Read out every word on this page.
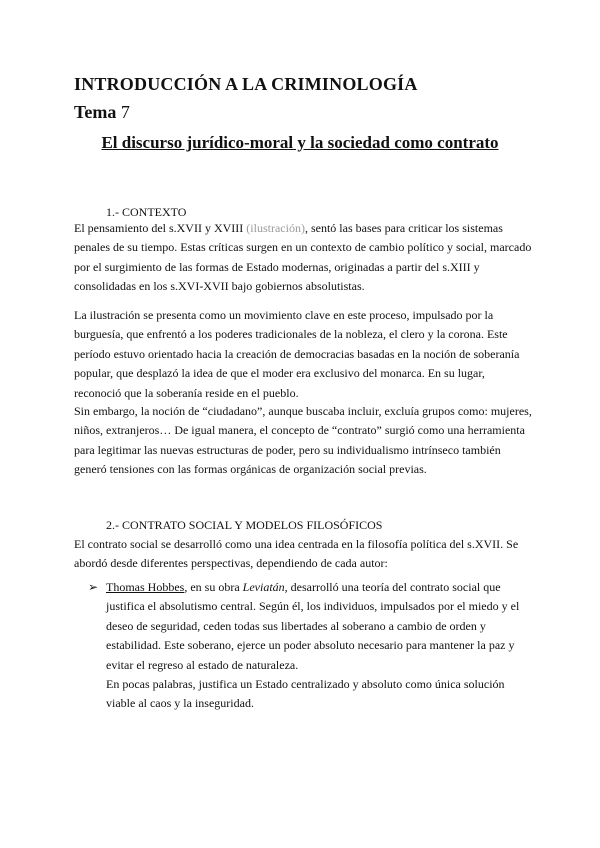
INTRODUCCIÓN A LA CRIMINOLOGÍA
Tema 7
El discurso jurídico-moral y la sociedad como contrato
1.- CONTEXTO

El pensamiento del s.XVII y XVIII (ilustración), sentó las bases para criticar los sistemas penales de su tiempo. Estas críticas surgen en un contexto de cambio político y social, marcado por el surgimiento de las formas de Estado modernas, originadas a partir del s.XIII y consolidadas en los s.XVI-XVII bajo gobiernos absolutistas.

La ilustración se presenta como un movimiento clave en este proceso, impulsado por la burguesía, que enfrentó a los poderes tradicionales de la nobleza, el clero y la corona. Este período estuvo orientado hacia la creación de democracias basadas en la noción de soberanía popular, que desplazó la idea de que el moder era exclusivo del monarca. En su lugar, reconoció que la soberanía reside en el pueblo.

Sin embargo, la noción de “ciudadano”, aunque buscaba incluir, excluía grupos como: mujeres, niños, extranjeros… De igual manera, el concepto de “contrato” surgió como una herramienta para legitimar las nuevas estructuras de poder, pero su individualismo intrínseco también generó tensiones con las formas orgánicas de organización social previas.

2.- CONTRATO SOCIAL Y MODELOS FILOSÓFICOS

El contrato social se desarrolló como una idea centrada en la filosofía política del s.XVII. Se abordó desde diferentes perspectivas, dependiendo de cada autor:

➢ Thomas Hobbes, en su obra Leviatán, desarrolló una teoría del contrato social que justifica el absolutismo central. Según él, los individuos, impulsados por el miedo y el deseo de seguridad, ceden todas sus libertades al soberano a cambio de orden y estabilidad. Este soberano, ejerce un poder absoluto necesario para mantener la paz y evitar el regreso al estado de naturaleza.

En pocas palabras, justifica un Estado centralizado y absoluto como única solución viable al caos y la inseguridad.
